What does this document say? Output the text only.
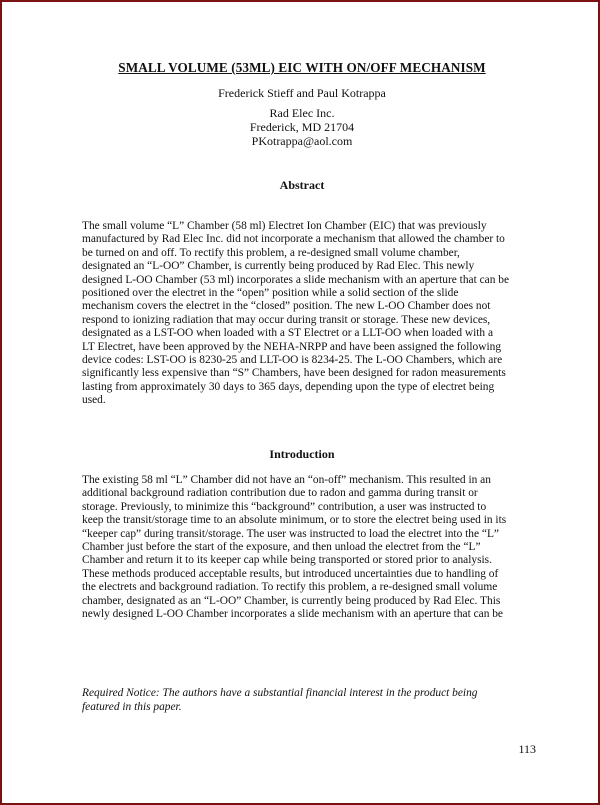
SMALL VOLUME (53ML) EIC WITH ON/OFF MECHANISM
Frederick Stieff and Paul Kotrappa
Rad Elec Inc.
Frederick, MD 21704
PKotrappa@aol.com
Abstract
The small volume “L” Chamber (58 ml) Electret Ion Chamber (EIC) that was previously
manufactured by Rad Elec Inc. did not incorporate a mechanism that allowed the chamber to
be turned on and off. To rectify this problem, a re-designed small volume chamber,
designated an “L-OO” Chamber, is currently being produced by Rad Elec. This newly
designed L-OO Chamber (53 ml) incorporates a slide mechanism with an aperture that can be
positioned over the electret in the “open” position while a solid section of the slide
mechanism covers the electret in the “closed” position. The new L-OO Chamber does not
respond to ionizing radiation that may occur during transit or storage. These new devices,
designated as a LST-OO when loaded with a ST Electret or a LLT-OO when loaded with a
LT Electret, have been approved by the NEHA-NRPP and have been assigned the following
device codes: LST-OO is 8230-25 and LLT-OO is 8234-25. The L-OO Chambers, which are
significantly less expensive than “S” Chambers, have been designed for radon measurements
lasting from approximately 30 days to 365 days, depending upon the type of electret being
used.
Introduction
The existing 58 ml “L” Chamber did not have an “on-off” mechanism. This resulted in an
additional background radiation contribution due to radon and gamma during transit or
storage. Previously, to minimize this “background” contribution, a user was instructed to
keep the transit/storage time to an absolute minimum, or to store the electret being used in its
“keeper cap” during transit/storage. The user was instructed to load the electret into the “L”
Chamber just before the start of the exposure, and then unload the electret from the “L”
Chamber and return it to its keeper cap while being transported or stored prior to analysis.
These methods produced acceptable results, but introduced uncertainties due to handling of
the electrets and background radiation. To rectify this problem, a re-designed small volume
chamber, designated as an “L-OO” Chamber, is currently being produced by Rad Elec. This
newly designed L-OO Chamber incorporates a slide mechanism with an aperture that can be
Required Notice: The authors have a substantial financial interest in the product being
featured in this paper.
113
